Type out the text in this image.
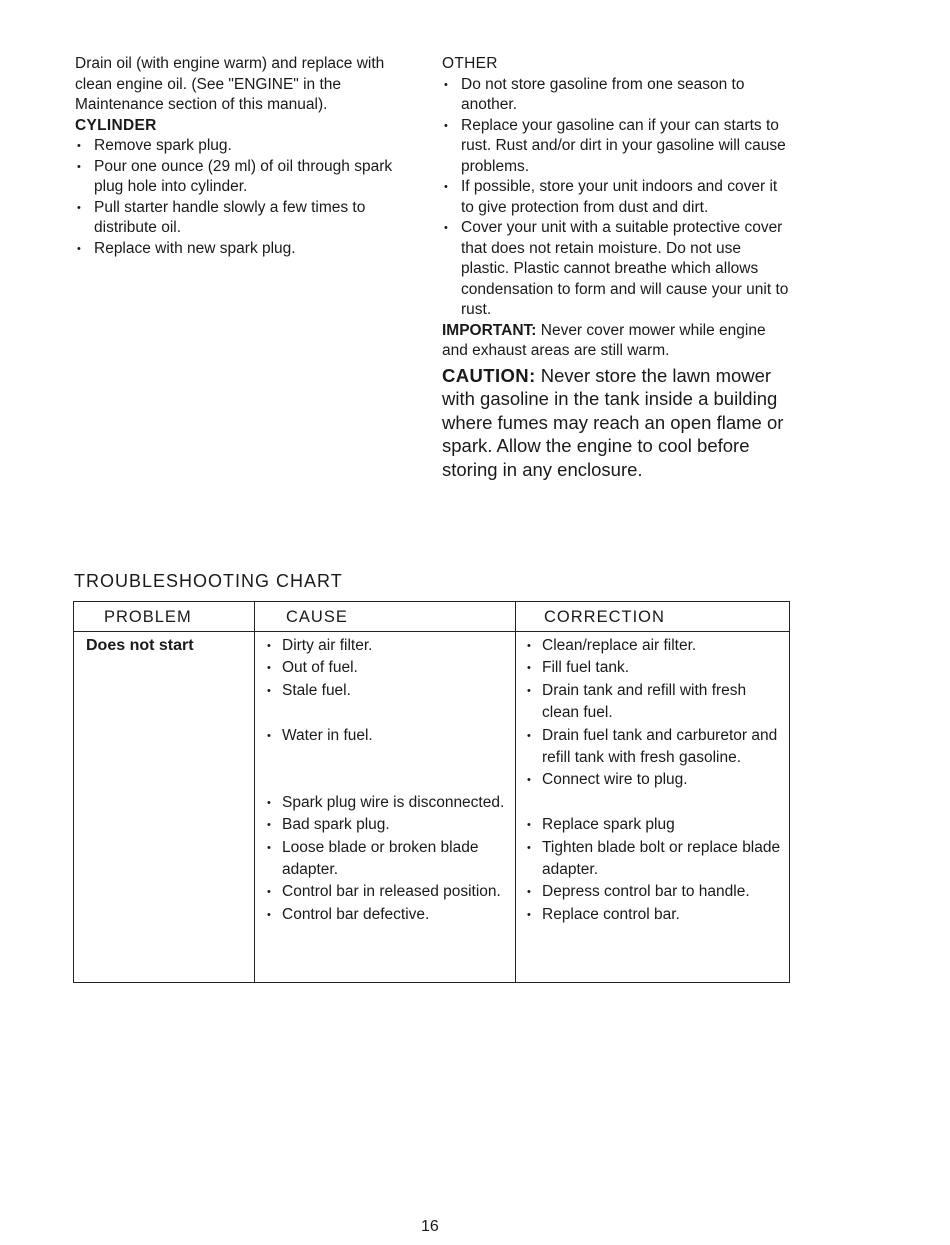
Drain oil (with engine warm) and replace with clean engine oil. (See "ENGINE" in the Maintenance section of this manual).

CYLINDER

• Remove spark plug.
• Pour one ounce (29 ml) of oil through spark plug hole into cylinder.
• Pull starter handle slowly a few times to distribute oil.
• Replace with new spark plug.

OTHER

• Do not store gasoline from one season to another.
• Replace your gasoline can if your can starts to rust. Rust and/or dirt in your gasoline will cause problems.
• If possible, store your unit indoors and cover it to give protection from dust and dirt.
• Cover your unit with a suitable protective cover that does not retain moisture. Do not use plastic. Plastic cannot breathe which allows condensation to form and will cause your unit to rust.

IMPORTANT: Never cover mower while engine and exhaust areas are still warm.

CAUTION: Never store the lawn mower with gasoline in the tank inside a building where fumes may reach an open flame or spark. Allow the engine to cool before storing in any enclosure.

TROUBLESHOOTING CHART
PROBLEM	CAUSE	CORRECTION
Does not start
•	Dirty air filter.
• Out of fuel.
• Stale fuel.
• Water in fuel.
• Spark plug wire is disconnected.
• Bad spark plug.
• Loose blade or broken blade adapter.
• Control bar in released position.
• Control bar defective.
• Clean/replace air filter.
• Fill fuel tank.
• Drain tank and refill with fresh clean fuel.
• Drain fuel tank and carburetor and refill tank with fresh gasoline.
• Connect wire to plug.
• Replace spark plug
• Tighten blade bolt or replace blade adapter.
• Depress control bar to handle.
• Replace control bar.
16
